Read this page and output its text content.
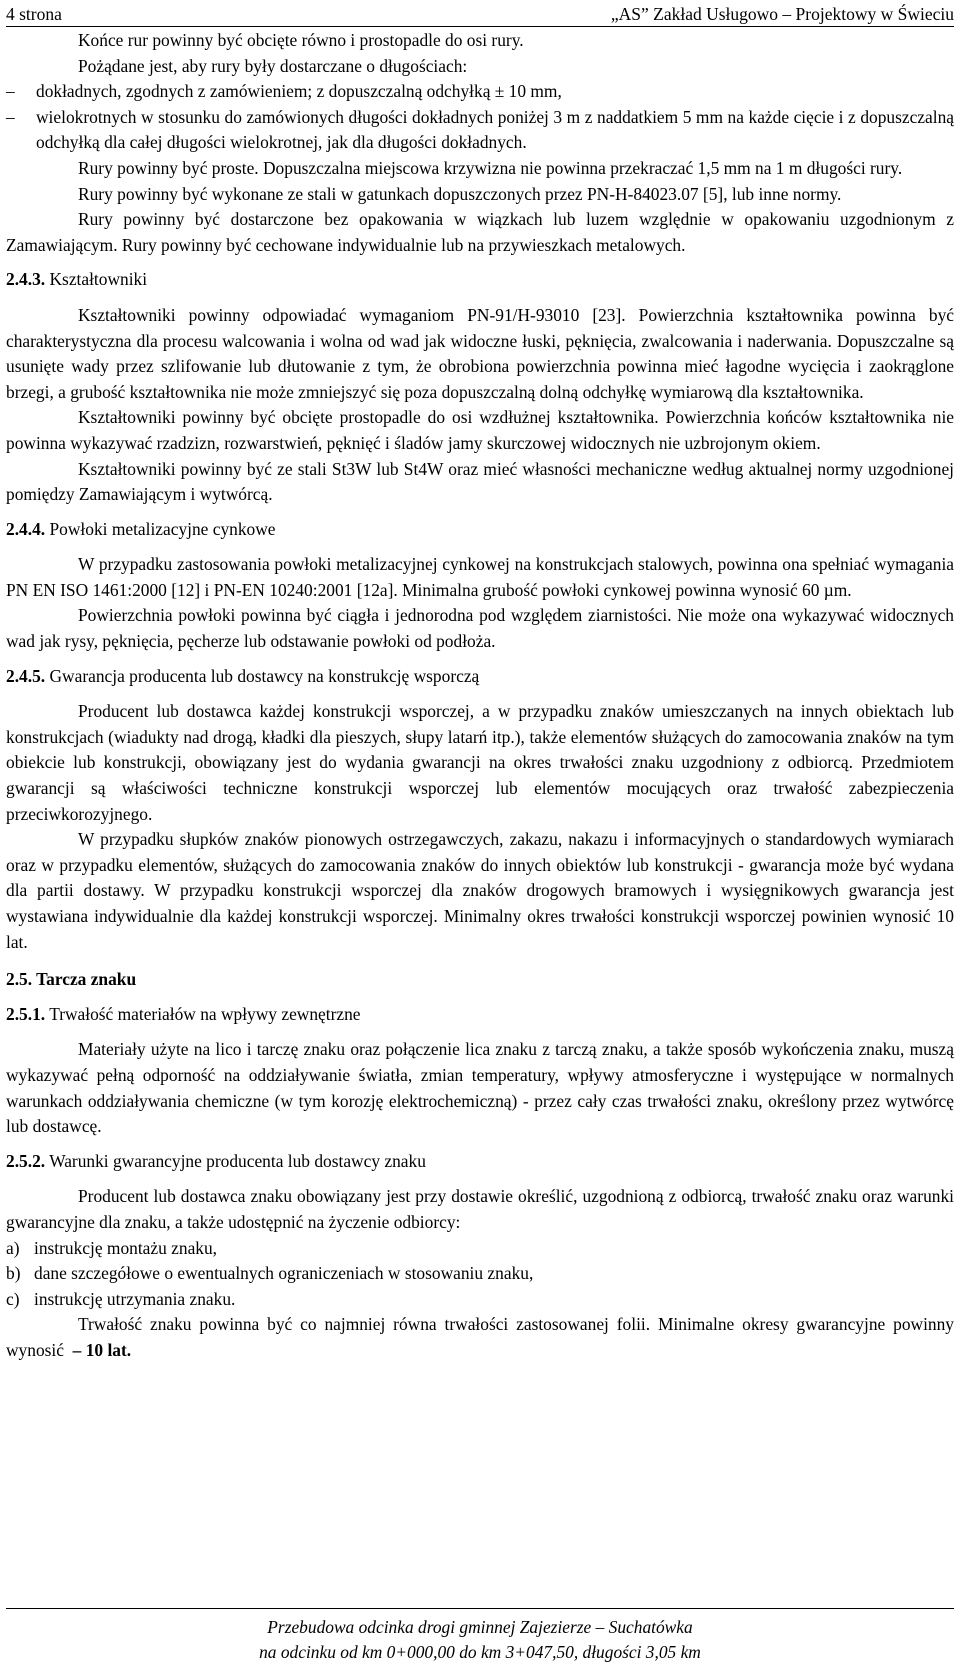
4 strona	„AS” Zakład Usługowo – Projektowy w Świeciu

Końce rur powinny być obcięte równo i prostopadle do osi rury.

Pożądane jest, aby rury były dostarczane o długościach:

– dokładnych, zgodnych z zamówieniem; z dopuszczalną odchyłką ± 10 mm,

– wielokrotnych w stosunku do zamówionych długości dokładnych poniżej 3 m z naddatkiem 5 mm na każde cięcie i z dopuszczalną odchyłką dla całej długości wielokrotnej, jak dla długości dokładnych.

Rury powinny być proste. Dopuszczalna miejscowa krzywizna nie powinna przekraczać 1,5 mm na 1 m długości rury.

Rury powinny być wykonane ze stali w gatunkach dopuszczonych przez PN-H-84023.07 [5], lub inne normy.

Rury powinny być dostarczone bez opakowania w wiązkach lub luzem względnie w opakowaniu uzgodnionym z Zamawiającym. Rury powinny być cechowane indywidualnie lub na przywieszkach metalowych.

2.4.3. Kształtowniki

Kształtowniki powinny odpowiadać wymaganiom PN-91/H-93010 [23]. Powierzchnia kształtownika powinna być charakterystyczna dla procesu walcowania i wolna od wad jak widoczne łuski, pęknięcia, zwalcowania i naderwania. Dopuszczalne są usunięte wady przez szlifowanie lub dłutowanie z tym, że obrobiona powierzchnia powinna mieć łagodne wycięcia i zaokrąglone brzegi, a grubość kształtownika nie może zmniejszyć się poza dopuszczalną dolną odchyłkę wymiarową dla kształtownika.

Kształtowniki powinny być obcięte prostopadle do osi wzdłużnej kształtownika. Powierzchnia końców kształtownika nie powinna wykazywać rzadzizn, rozwarstwień, pęknięć i śladów jamy skurczowej widocznych nie uzbrojonym okiem.

Kształtowniki powinny być ze stali St3W lub St4W oraz mieć własności mechaniczne według aktualnej normy uzgodnionej pomiędzy Zamawiającym i wytwórcą.

2.4.4. Powłoki metalizacyjne cynkowe

W przypadku zastosowania powłoki metalizacyjnej cynkowej na konstrukcjach stalowych, powinna ona spełniać wymagania PN EN ISO 1461:2000 [12] i PN-EN 10240:2001 [12a]. Minimalna grubość powłoki cynkowej powinna wynosić 60 µm.

Powierzchnia powłoki powinna być ciągła i jednorodna pod względem ziarnistości. Nie może ona wykazywać widocznych wad jak rysy, pęknięcia, pęcherze lub odstawanie powłoki od podłoża.

2.4.5. Gwarancja producenta lub dostawcy na konstrukcję wsporczą

Producent lub dostawca każdej konstrukcji wsporczej, a w przypadku znaków umieszczanych na innych obiektach lub konstrukcjach (wiadukty nad drogą, kładki dla pieszych, słupy latarń itp.), także elementów służących do zamocowania znaków na tym obiekcie lub konstrukcji, obowiązany jest do wydania gwarancji na okres trwałości znaku uzgodniony z odbiorcą. Przedmiotem gwarancji są właściwości techniczne konstrukcji wsporczej lub elementów mocujących oraz trwałość zabezpieczenia przeciwkorozyjnego.

W przypadku słupków znaków pionowych ostrzegawczych, zakazu, nakazu i informacyjnych o standardowych wymiarach oraz w przypadku elementów, służących do zamocowania znaków do innych obiektów lub konstrukcji - gwarancja może być wydana dla partii dostawy. W przypadku konstrukcji wsporczej dla znaków drogowych bramowych i wysięgnikowych gwarancja jest wystawiana indywidualnie dla każdej konstrukcji wsporczej. Minimalny okres trwałości konstrukcji wsporczej powinien wynosić 10 lat.

2.5. Tarcza znaku

2.5.1. Trwałość materiałów na wpływy zewnętrzne

Materiały użyte na lico i tarczę znaku oraz połączenie lica znaku z tarczą znaku, a także sposób wykończenia znaku, muszą wykazywać pełną odporność na oddziaływanie światła, zmian temperatury, wpływy atmosferyczne i występujące w normalnych warunkach oddziaływania chemiczne (w tym korozję elektrochemiczną) - przez cały czas trwałości znaku, określony przez wytwórcę lub dostawcę.

2.5.2. Warunki gwarancyjne producenta lub dostawcy znaku

Producent lub dostawca znaku obowiązany jest przy dostawie określić, uzgodnioną z odbiorcą, trwałość znaku oraz warunki gwarancyjne dla znaku, a także udostępnić na życzenie odbiorcy:

a) instrukcję montażu znaku,

b) dane szczegółowe o ewentualnych ograniczeniach w stosowaniu znaku,

c) instrukcję utrzymania znaku.

Trwałość znaku powinna być co najmniej równa trwałości zastosowanej folii. Minimalne okresy gwarancyjne powinny wynosić – 10 lat.

Przebudowa odcinka drogi gminnej Zajezierze – Suchatówka
na odcinku od km 0+000,00 do km 3+047,50, długości 3,05 km
